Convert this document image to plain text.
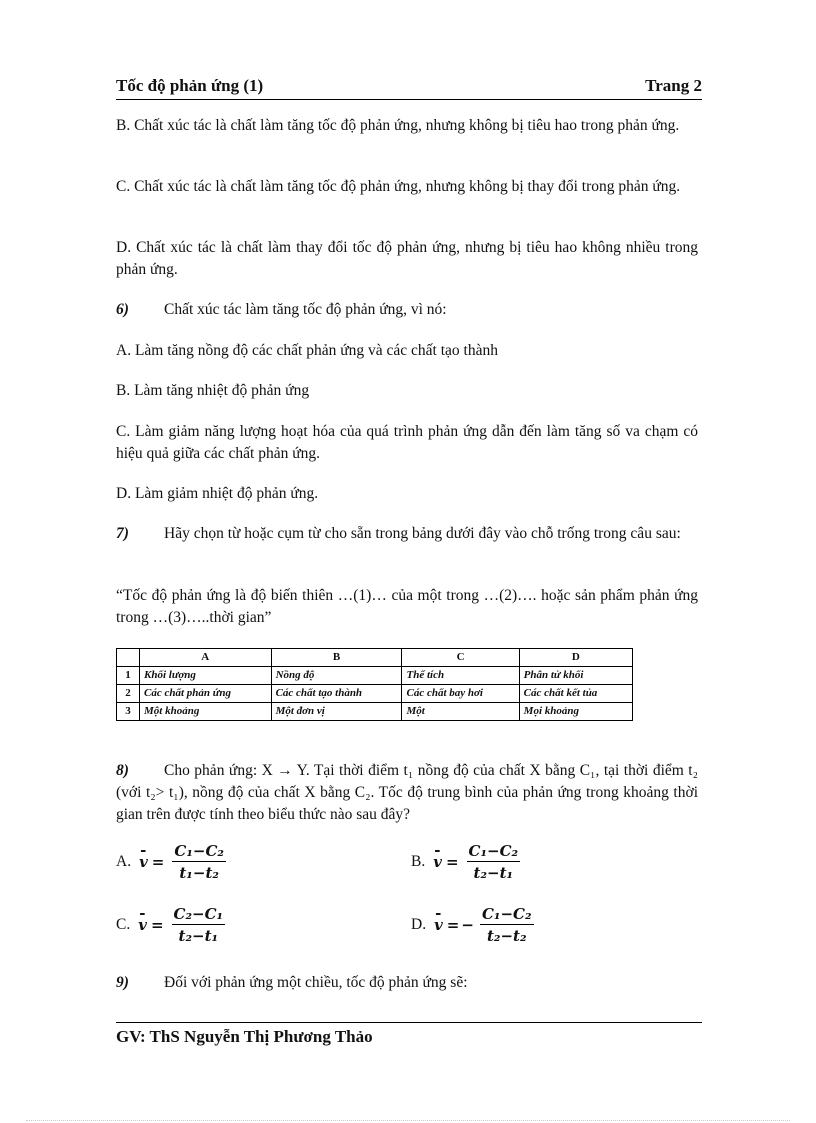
Tốc độ phản ứng (1)	Trang 2
B. Chất xúc tác là chất làm tăng tốc độ phản ứng, nhưng không bị tiêu hao trong phản ứng.
C. Chất xúc tác là chất làm tăng tốc độ phản ứng, nhưng không bị thay đổi trong phản ứng.
D. Chất xúc tác là chất làm thay đổi tốc độ phản ứng, nhưng bị tiêu hao không nhiều trong phản ứng.
6) Chất xúc tác làm tăng tốc độ phản ứng, vì nó:
A. Làm tăng nồng độ các chất phản ứng và các chất tạo thành
B. Làm tăng nhiệt độ phản ứng
C. Làm giảm năng lượng hoạt hóa của quá trình phản ứng dẫn đến làm tăng số va chạm có hiệu quả giữa các chất phản ứng.
D. Làm giảm nhiệt độ phản ứng.
7) Hãy chọn từ hoặc cụm từ cho sẵn trong bảng dưới đây vào chỗ trống trong câu sau:
“Tốc độ phản ứng là độ biến thiên …(1)… của một trong …(2)…. hoặc sản phẩm phản ứng trong …(3)…..thời gian”
	A	B	C	D
1	Khối lượng	Nồng độ	Thể tích	Phân tử khối
2	Các chất phản ứng	Các chất tạo thành	Các chất bay hơi	Các chất kết tủa
3	Một khoảng	Một đơn vị	Một	Mọi khoảng
8) Cho phản ứng: X → Y. Tại thời điểm t₁ nồng độ của chất X bằng C₁, tại thời điểm t₂ (với t₂> t₁), nồng độ của chất X bằng C₂. Tốc độ trung bình của phản ứng trong khoảng thời gian trên được tính theo biểu thức nào sau đây?
A. - $v = \frac{\text{C₁−C₂}}{\text{t₁−t₂}}$	B. - $v = \frac{\text{C₁−C₂}}{\text{t₂−t₁}}$
C. - $v = \frac{\text{C₂−C₁}}{\text{t₂−t₁}}$	D. - v = − $\frac{\text{C₁−C₂}}{\text{t₂−t₂}}$
9) Đối với phản ứng một chiều, tốc độ phản ứng sẽ:
GV: ThS Nguyễn Thị Phương Thảo
